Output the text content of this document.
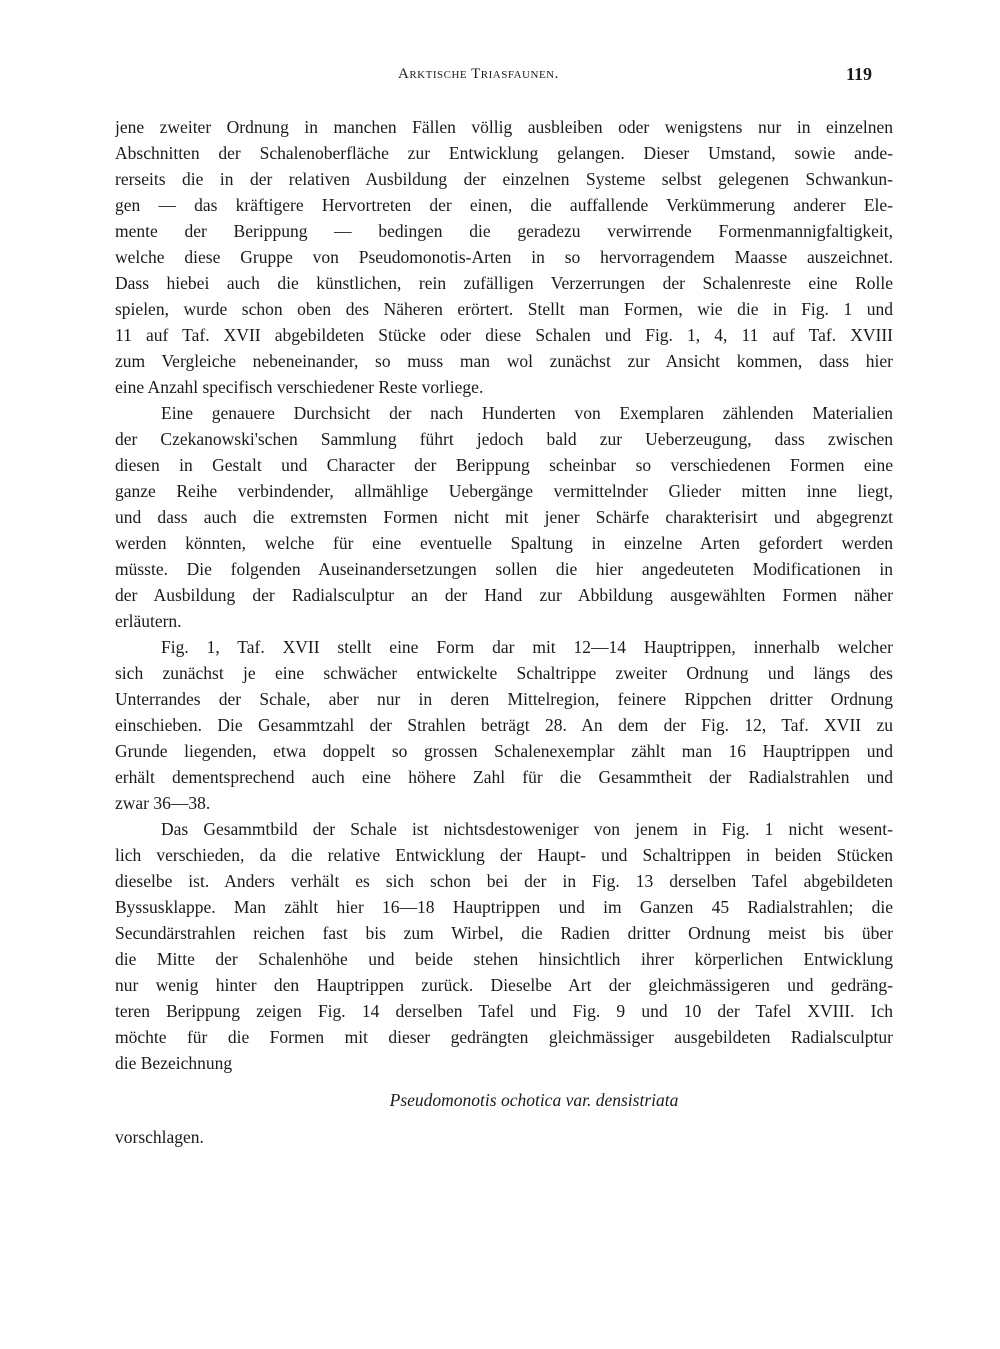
Arktische Triasfaunen.	119
jene zweiter Ordnung in manchen Fällen völlig ausbleiben oder wenigstens nur in einzelnen
Abschnitten der Schalenoberfläche zur Entwicklung gelangen. Dieser Umstand, sowie ande-
rerseits die in der relativen Ausbildung der einzelnen Systeme selbst gelegenen Schwankun-
gen — das kräftigere Hervortreten der einen, die auffallende Verkümmerung anderer Ele-
mente der Berippung — bedingen die geradezu verwirrende Formenmannigfaltigkeit,
welche diese Gruppe von Pseudomonotis-Arten in so hervorragendem Maasse auszeichnet.
Dass hiebei auch die künstlichen, rein zufälligen Verzerrungen der Schalenreste eine Rolle
spielen, wurde schon oben des Näheren erörtert. Stellt man Formen, wie die in Fig. 1 und
11 auf Taf. XVII abgebildeten Stücke oder diese Schalen und Fig. 1, 4, 11 auf Taf. XVIII
zum Vergleiche nebeneinander, so muss man wol zunächst zur Ansicht kommen, dass hier
eine Anzahl specifisch verschiedener Reste vorliege.
Eine genauere Durchsicht der nach Hunderten von Exemplaren zählenden Materialien
der Czekanowski'schen Sammlung führt jedoch bald zur Ueberzeugung, dass zwischen
diesen in Gestalt und Character der Berippung scheinbar so verschiedenen Formen eine
ganze Reihe verbindender, allmählige Uebergänge vermittelnder Glieder mitten inne liegt,
und dass auch die extremsten Formen nicht mit jener Schärfe charakterisirt und abgegrenzt
werden könnten, welche für eine eventuelle Spaltung in einzelne Arten gefordert werden
müsste. Die folgenden Auseinandersetzungen sollen die hier angedeuteten Modificationen in
der Ausbildung der Radialsculptur an der Hand zur Abbildung ausgewählten Formen näher
erläutern.
Fig. 1, Taf. XVII stellt eine Form dar mit 12—14 Hauptrippen, innerhalb welcher
sich zunächst je eine schwächer entwickelte Schaltrippe zweiter Ordnung und längs des
Unterrandes der Schale, aber nur in deren Mittelregion, feinere Rippchen dritter Ordnung
einschieben. Die Gesammtzahl der Strahlen beträgt 28. An dem der Fig. 12, Taf. XVII zu
Grunde liegenden, etwa doppelt so grossen Schalenexemplar zählt man 16 Hauptrippen und
erhält dementsprechend auch eine höhere Zahl für die Gesammtheit der Radialstrahlen und
zwar 36—38.
Das Gesammtbild der Schale ist nichtsdestoweniger von jenem in Fig. 1 nicht wesent-
lich verschieden, da die relative Entwicklung der Haupt- und Schaltrippen in beiden Stücken
dieselbe ist. Anders verhält es sich schon bei der in Fig. 13 derselben Tafel abgebildeten
Byssusklappe. Man zählt hier 16—18 Hauptrippen und im Ganzen 45 Radialstrahlen; die
Secundärstrahlen reichen fast bis zum Wirbel, die Radien dritter Ordnung meist bis über
die Mitte der Schalenhöhe und beide stehen hinsichtlich ihrer körperlichen Entwicklung
nur wenig hinter den Hauptrippen zurück. Dieselbe Art der gleichmässigeren und gedräng-
teren Berippung zeigen Fig. 14 derselben Tafel und Fig. 9 und 10 der Tafel XVIII. Ich
möchte für die Formen mit dieser gedrängten gleichmässiger ausgebildeten Radialsculptur
die Bezeichnung
Pseudomonotis ochotica var. densistriata
vorschlagen.
